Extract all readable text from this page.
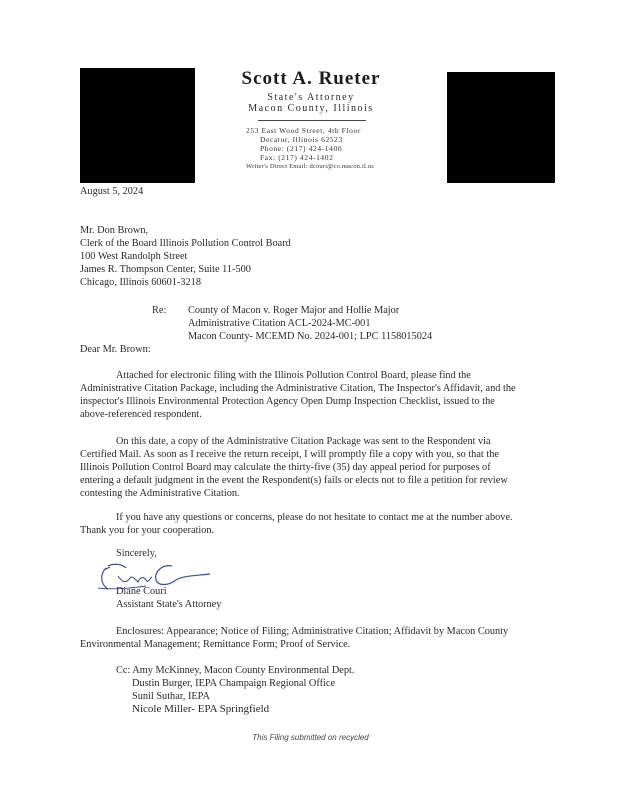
Scott A. Rueter
State's Attorney
Macon County, Illinois
253 East Wood Street, 4th Floor
Decatur, Illinois 62523
Phone: (217) 424-1400
Fax: (217) 424-1402
Writer's Direct Email: dcouri@co.macon.il.us
August 5, 2024
Mr. Don Brown,
Clerk of the Board Illinois Pollution Control Board
100 West Randolph Street
James R. Thompson Center, Suite 11-500
Chicago, Illinois 60601-3218
Re: County of Macon v. Roger Major and Hollie Major
Administrative Citation ACL-2024-MC-001
Macon County- MCEMD No. 2024-001; LPC 1158015024
Dear Mr. Brown:
Attached for electronic filing with the Illinois Pollution Control Board, please find the
Administrative Citation Package, including the Administrative Citation, The Inspector's Affidavit, and the
inspector's Illinois Environmental Protection Agency Open Dump Inspection Checklist, issued to the
above-referenced respondent.
On this date, a copy of the Administrative Citation Package was sent to the Respondent via
Certified Mail. As soon as I receive the return receipt, I will promptly file a copy with you, so that the
Illinois Pollution Control Board may calculate the thirty-five (35) day appeal period for purposes of
entering a default judgment in the event the Respondent(s) fails or elects not to file a petition for review
contesting the Administrative Citation.
If you have any questions or concerns, please do not hesitate to contact me at the number above.
Thank you for your cooperation.
Sincerely,
Diane Couri
Assistant State's Attorney
Enclosures: Appearance; Notice of Filing; Administrative Citation; Affidavit by Macon County
Environmental Management; Remittance Form; Proof of Service.
Cc: Amy McKinney, Macon County Environmental Dept.
Dustin Burger, IEPA Champaign Regional Office
Sunil Suthar, IEPA
Nicole Miller- EPA Springfield
This Filing submitted on recycled
